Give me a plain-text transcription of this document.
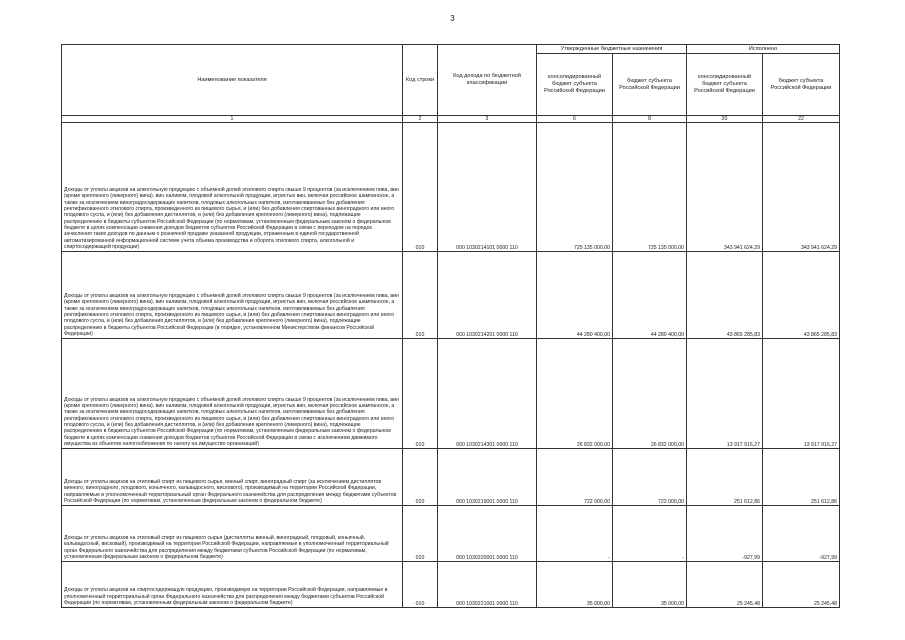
3
Наименование показателя	Код строки	Код дохода по бюджетной классификации	Утвержденные бюджетные назначения		Исполнено	
			консолидированный бюджет субъекта Российской Федерации	бюджет субъекта Российской Федерации	консолидированный бюджет субъекта Российской Федерации	бюджет субъекта Российской Федерации
1	2	3	6	8	20	22

Доходы от уплаты акцизов на алкогольную продукцию с объемной долей этилового спирта свыше 9 процентов (за исключением пива, вин (кроме крепленого (ликерного) вина), вин наливом, плодовой алкогольной продукции, игристых вин, включая российское шампанское, а также за исключением виноградосодержащих напитков, плодовых алкогольных напитков, изготавливаемых без добавления ректификованного этилового спирта, произведенного из пищевого сырья, и (или) без добавления спиртованных виноградного или иного плодового сусла, и (или) без добавления дистиллятов, и (или) без добавления крепленого (ликерного) вина), подлежащие распределению в бюджеты субъектов Российской Федерации (по нормативам, установленным федеральным законом о федеральном бюджете в целях компенсации снижения доходов бюджетов субъектов Российской Федерации в связи с переходом на порядок зачисления таких доходов по данным о розничной продаже указанной продукции, отраженным в единой государственной автоматизированной информационной системе учета объема производства и оборота этилового спирта, алкогольной и спиртосодержащей продукции)	010	000 1030214101 0000 110	725 135 000,00	725 135 000,00	343 941 624,29	343 941 624,29

Доходы от уплаты акцизов на алкогольную продукцию с объемной долей этилового спирта свыше 9 процентов (за исключением пива, вин (кроме крепленого (ликерного) вина), вин наливом, плодовой алкогольной продукции, игристых вин, включая российское шампанское, а также за исключением виноградосодержащих напитков, плодовых алкогольных напитков, изготавливаемых без добавления ректификованного этилового спирта, произведенного из пищевого сырья, и (или) без добавления спиртованных виноградного или иного плодового сусла, и (или) без добавления дистиллятов, и (или) без добавления крепленого (ликерного) вина), подлежащие распределению в бюджеты субъектов Российской Федерации (в порядке, установленном Министерством финансов Российской Федерации)	010	000 1030214201 0000 110	44 280 400,00	44 280 400,00	43 865 285,83	43 865 285,83

Доходы от уплаты акцизов на алкогольную продукцию с объемной долей этилового спирта свыше 9 процентов (за исключением пива, вин (кроме крепленого (ликерного) вина), вин наливом, плодовой алкогольной продукции, игристых вин, включая российское шампанское, а также за исключением виноградосодержащих напитков, плодовых алкогольных напитков, изготавливаемых без добавления ректификованного этилового спирта, произведенного из пищевого сырья, и (или) без добавления спиртованных виноградного или иного плодового сусла, и (или) без добавления дистиллятов, и (или) без добавления крепленого (ликерного) вина), подлежащие распределению в бюджеты субъектов Российской Федерации (по нормативам, установленным федеральным законом о федеральном бюджете в целях компенсации снижения доходов бюджетов субъектов Российской Федерации в связи с исключением движимого имущества из объектов налогообложения по налогу на имущество организаций)	010	000 1030214301 0000 110	26 832 000,00	26 832 000,00	13 917 916,27	13 917 916,27

Доходы от уплаты акцизов на этиловый спирт из пищевого сырья, винный спирт, виноградный спирт (за исключением дистиллятов винного, виноградного, плодового, коньячного, кальвадосного, вискового), производимый на территории Российской Федерации, направляемые в уполномоченный территориальный орган Федерального казначейства для распределения между бюджетами субъектов Российской Федерации (по нормативам, установленным федеральным законом о федеральном бюджете)	010	000 1030219001 0000 110	722 000,00	722 000,00	251 612,86	251 612,86

Доходы от уплаты акцизов на этиловый спирт из пищевого сырья (дистилляты винный, виноградный, плодовый, коньячный, кальвадосный, висковый), производимый на территории Российской Федерации, направляемые в уполномоченный территориальный орган Федерального казначейства для распределения между бюджетами субъектов Российской Федерации (по нормативам, установленным федеральным законом о федеральном бюджете)	010	000 1030220001 0000 110	-	-	-927,99	-927,99

Доходы от уплаты акцизов на спиртосодержащую продукцию, производимую на территории Российской Федерации, направляемые в уполномоченный территориальный орган Федерального казначейства для распределения между бюджетами субъектов Российской Федерации (по нормативам, установленным федеральным законом о федеральном бюджете)	010	000 1030221001 0000 110	35 000,00	35 000,00	25 245,48	25 245,48
